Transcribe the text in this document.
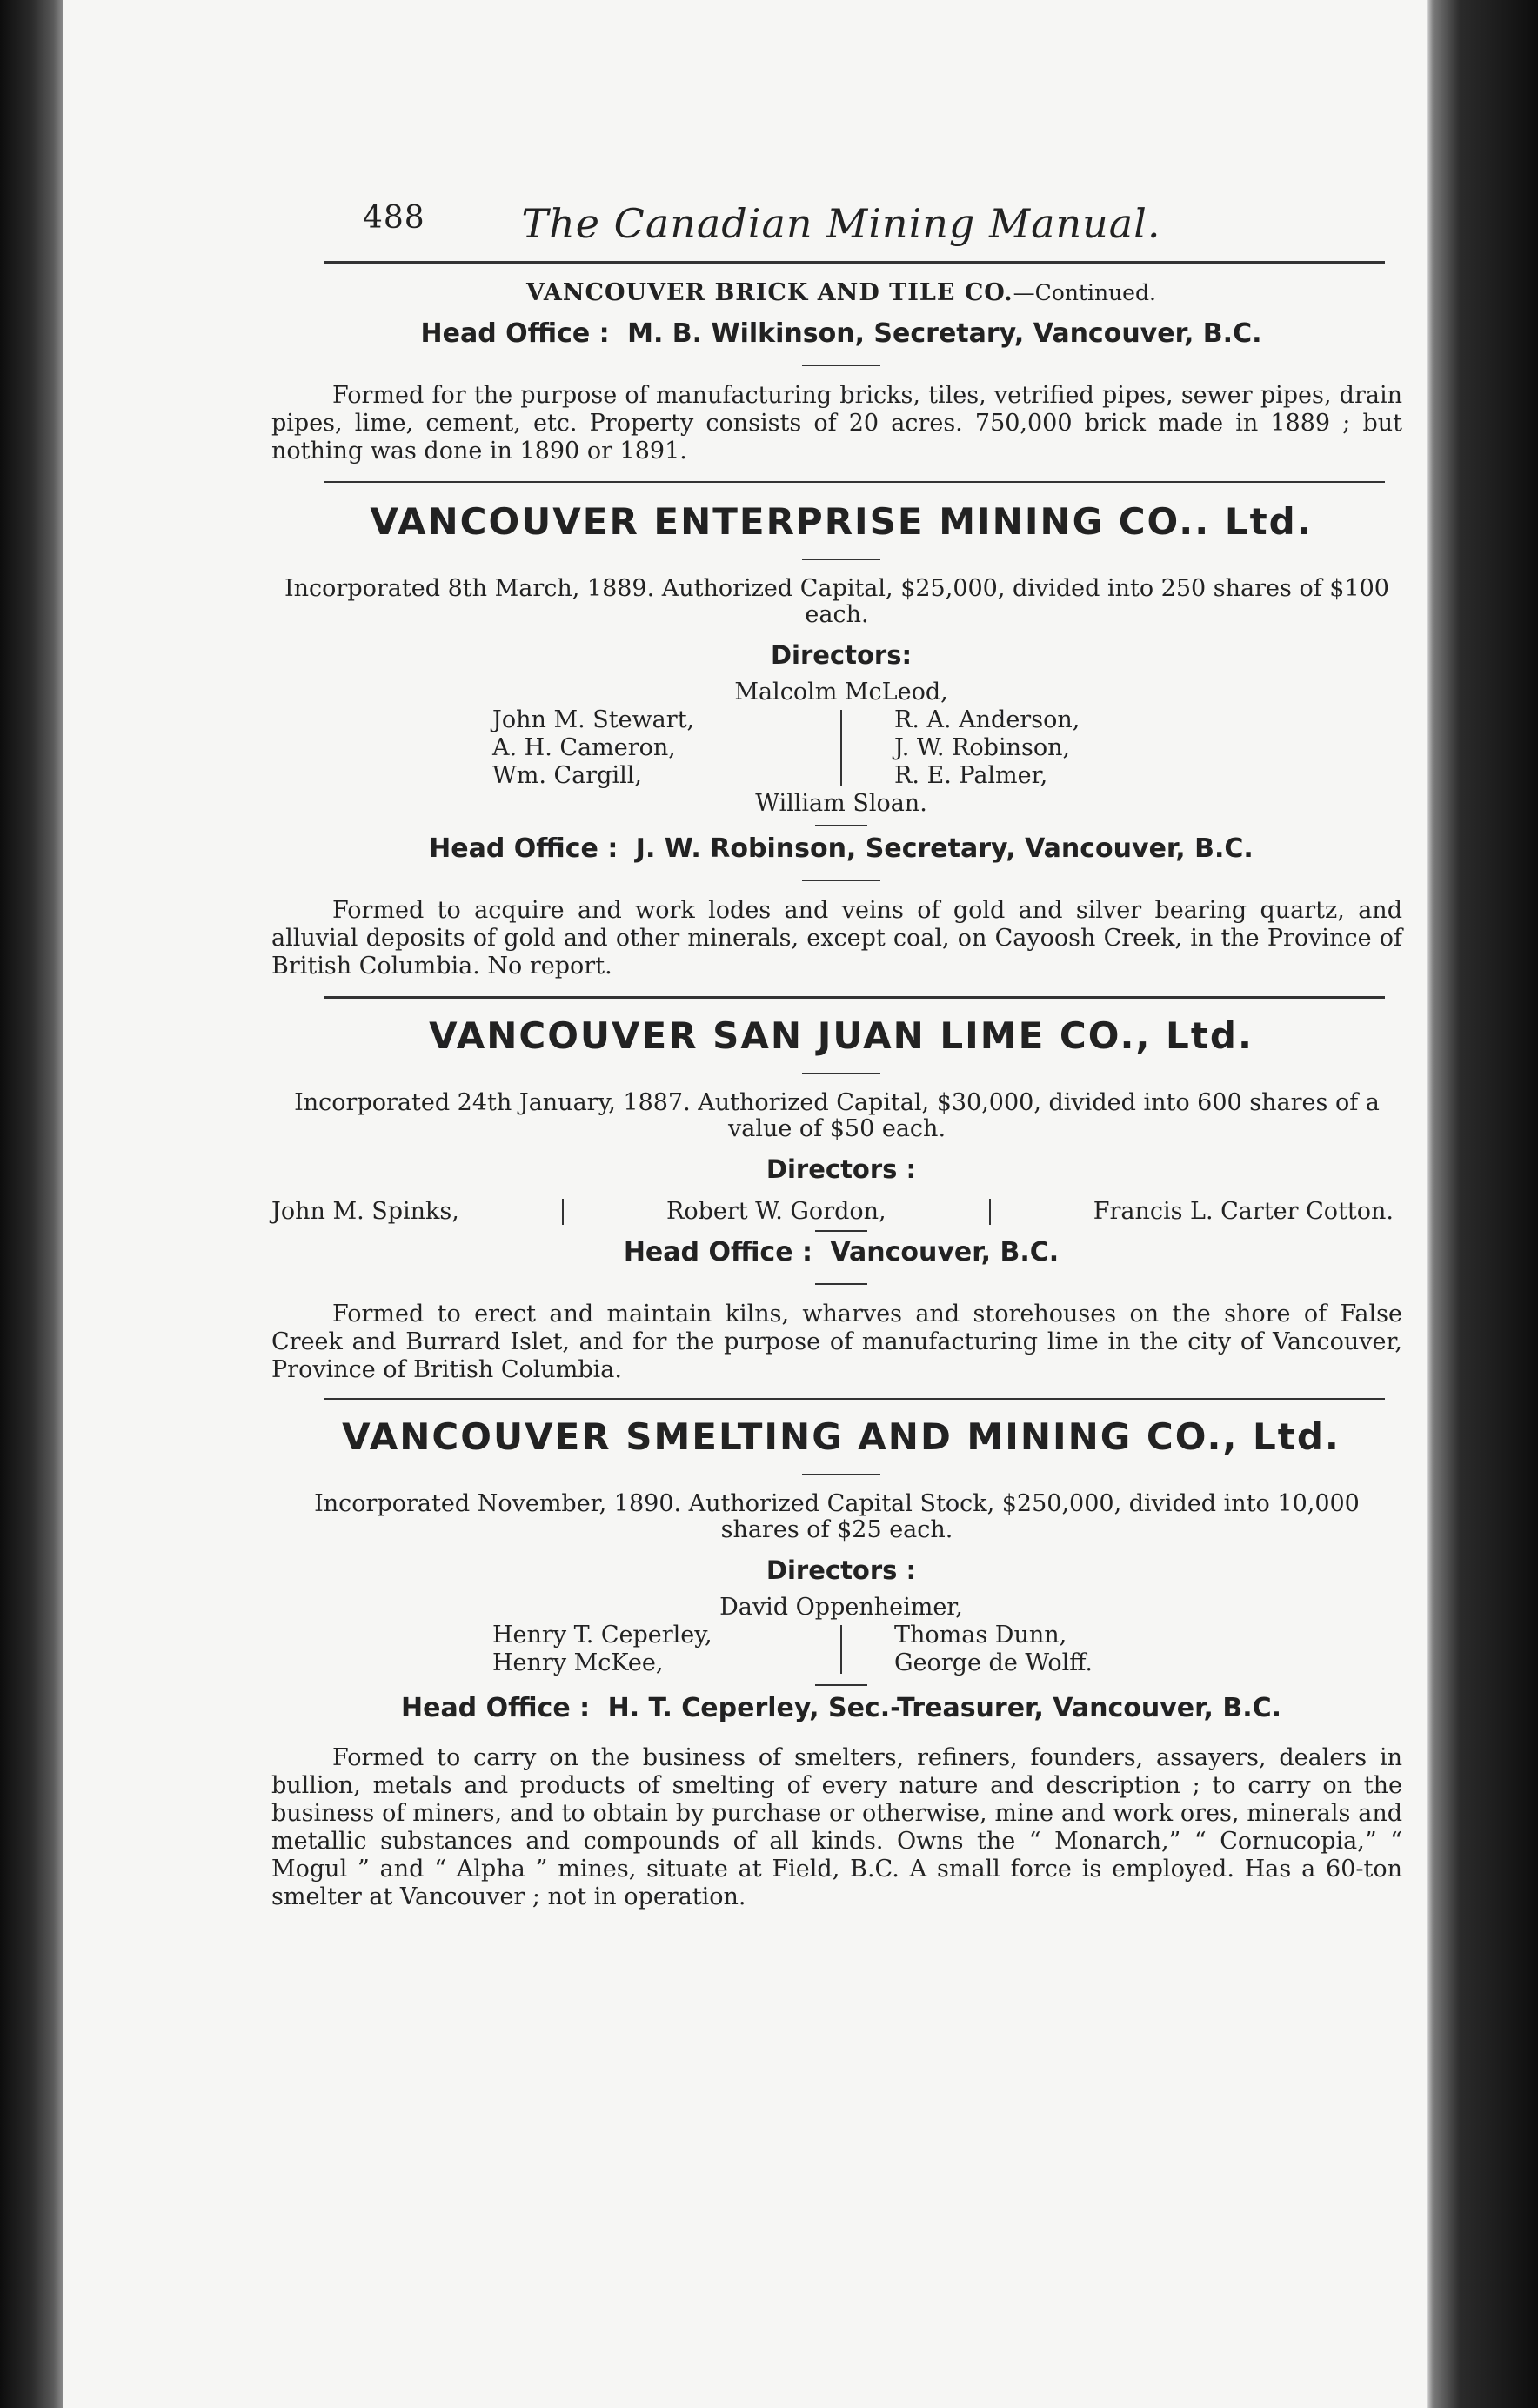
488	The Canadian Mining Manual.
VANCOUVER BRICK AND TILE CO.—Continued.
Head Office : M. B. Wilkinson, Secretary, Vancouver, B.C.

Formed for the purpose of manufacturing bricks, tiles, vetrified pipes, sewer pipes, drain pipes, lime, cement, etc. Property consists of 20 acres. 750,000 brick made in 1889 ; but nothing was done in 1890 or 1891.

VANCOUVER ENTERPRISE MINING CO.. Ltd.

Incorporated 8th March, 1889. Authorized Capital, $25,000, divided into 250 shares of $100 each.

Directors:
Malcolm McLeod,
John M. Stewart,
A. H. Cameron,
Wm. Cargill,
R. A. Anderson,
J. W. Robinson,
R. E. Palmer,
William Sloan.
Head Office : J. W. Robinson, Secretary, Vancouver, B.C.

Formed to acquire and work lodes and veins of gold and silver bearing quartz, and alluvial deposits of gold and other minerals, except coal, on Cayoosh Creek, in the Province of British Columbia. No report.

VANCOUVER SAN JUAN LIME CO., Ltd.

Incorporated 24th January, 1887. Authorized Capital, $30,000, divided into 600 shares of a value of $50 each.

Directors :
John M. Spinks,	Robert W. Gordon,	Francis L. Carter Cotton.
Head Office : Vancouver, B.C.

Formed to erect and maintain kilns, wharves and storehouses on the shore of False Creek and Burrard Islet, and for the purpose of manufacturing lime in the city of Vancouver, Province of British Columbia.

VANCOUVER SMELTING AND MINING CO., Ltd.

Incorporated November, 1890. Authorized Capital Stock, $250,000, divided into 10,000 shares of $25 each.

Directors :
David Oppenheimer,
Henry T. Ceperley,
Henry McKee,
Thomas Dunn,
George de Wolff.
Head Office : H. T. Ceperley, Sec.-Treasurer, Vancouver, B.C.

Formed to carry on the business of smelters, refiners, founders, assayers, dealers in bullion, metals and products of smelting of every nature and description ; to carry on the business of miners, and to obtain by purchase or otherwise, mine and work ores, minerals and metallic substances and compounds of all kinds. Owns the “ Monarch,” “ Cornucopia,” “ Mogul ” and “ Alpha ” mines, situate at Field, B.C. A small force is employed. Has a 60-ton smelter at Vancouver ; not in operation.
